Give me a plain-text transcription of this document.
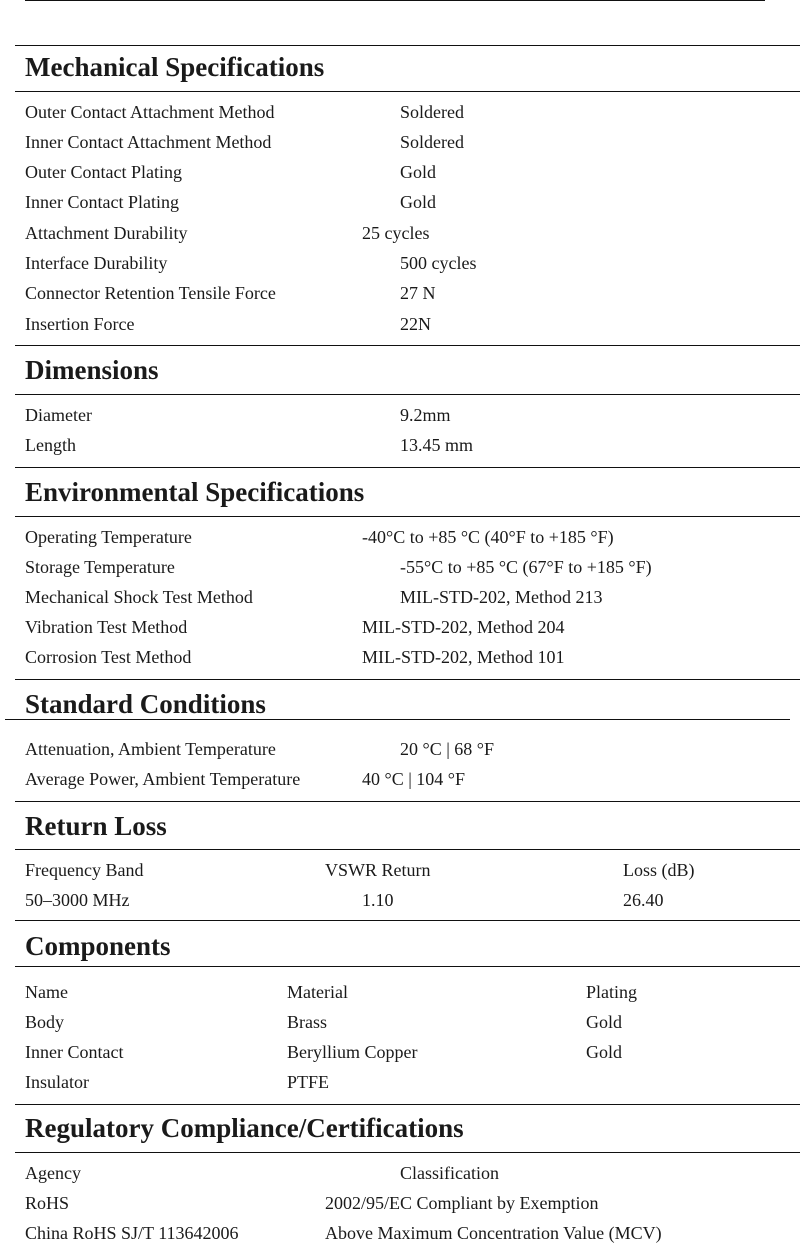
Mechanical Specifications
Outer Contact Attachment Method	Soldered
Inner Contact Attachment Method	Soldered
Outer Contact Plating	Gold
Inner Contact Plating	Gold
Attachment Durability	25 cycles
Interface Durability	500 cycles
Connector Retention Tensile Force	27 N
Insertion Force	22N
Dimensions
Diameter	9.2mm
Length	13.45 mm
Environmental Specifications
Operating Temperature	-40°C to +85 °C (40°F to +185 °F)
Storage Temperature	-55°C to +85 °C (67°F to +185 °F)
Mechanical Shock Test Method	MIL-STD-202, Method 213
Vibration Test Method	MIL-STD-202, Method 204
Corrosion Test Method	MIL-STD-202, Method 101
Standard Conditions
Attenuation, Ambient Temperature	20 °C | 68 °F
Average Power, Ambient Temperature	40 °C | 104 °F
Return Loss
Frequency Band	VSWR Return	Loss (dB)
50–3000 MHz	1.10	26.40
Components
Name	Material	Plating
Body	Brass	Gold
Inner Contact	Beryllium Copper	Gold
Insulator	PTFE
Regulatory Compliance/Certifications
Agency	Classification
RoHS	2002/95/EC Compliant by Exemption
China RoHS SJ/T 113642006	Above Maximum Concentration Value (MCV)
